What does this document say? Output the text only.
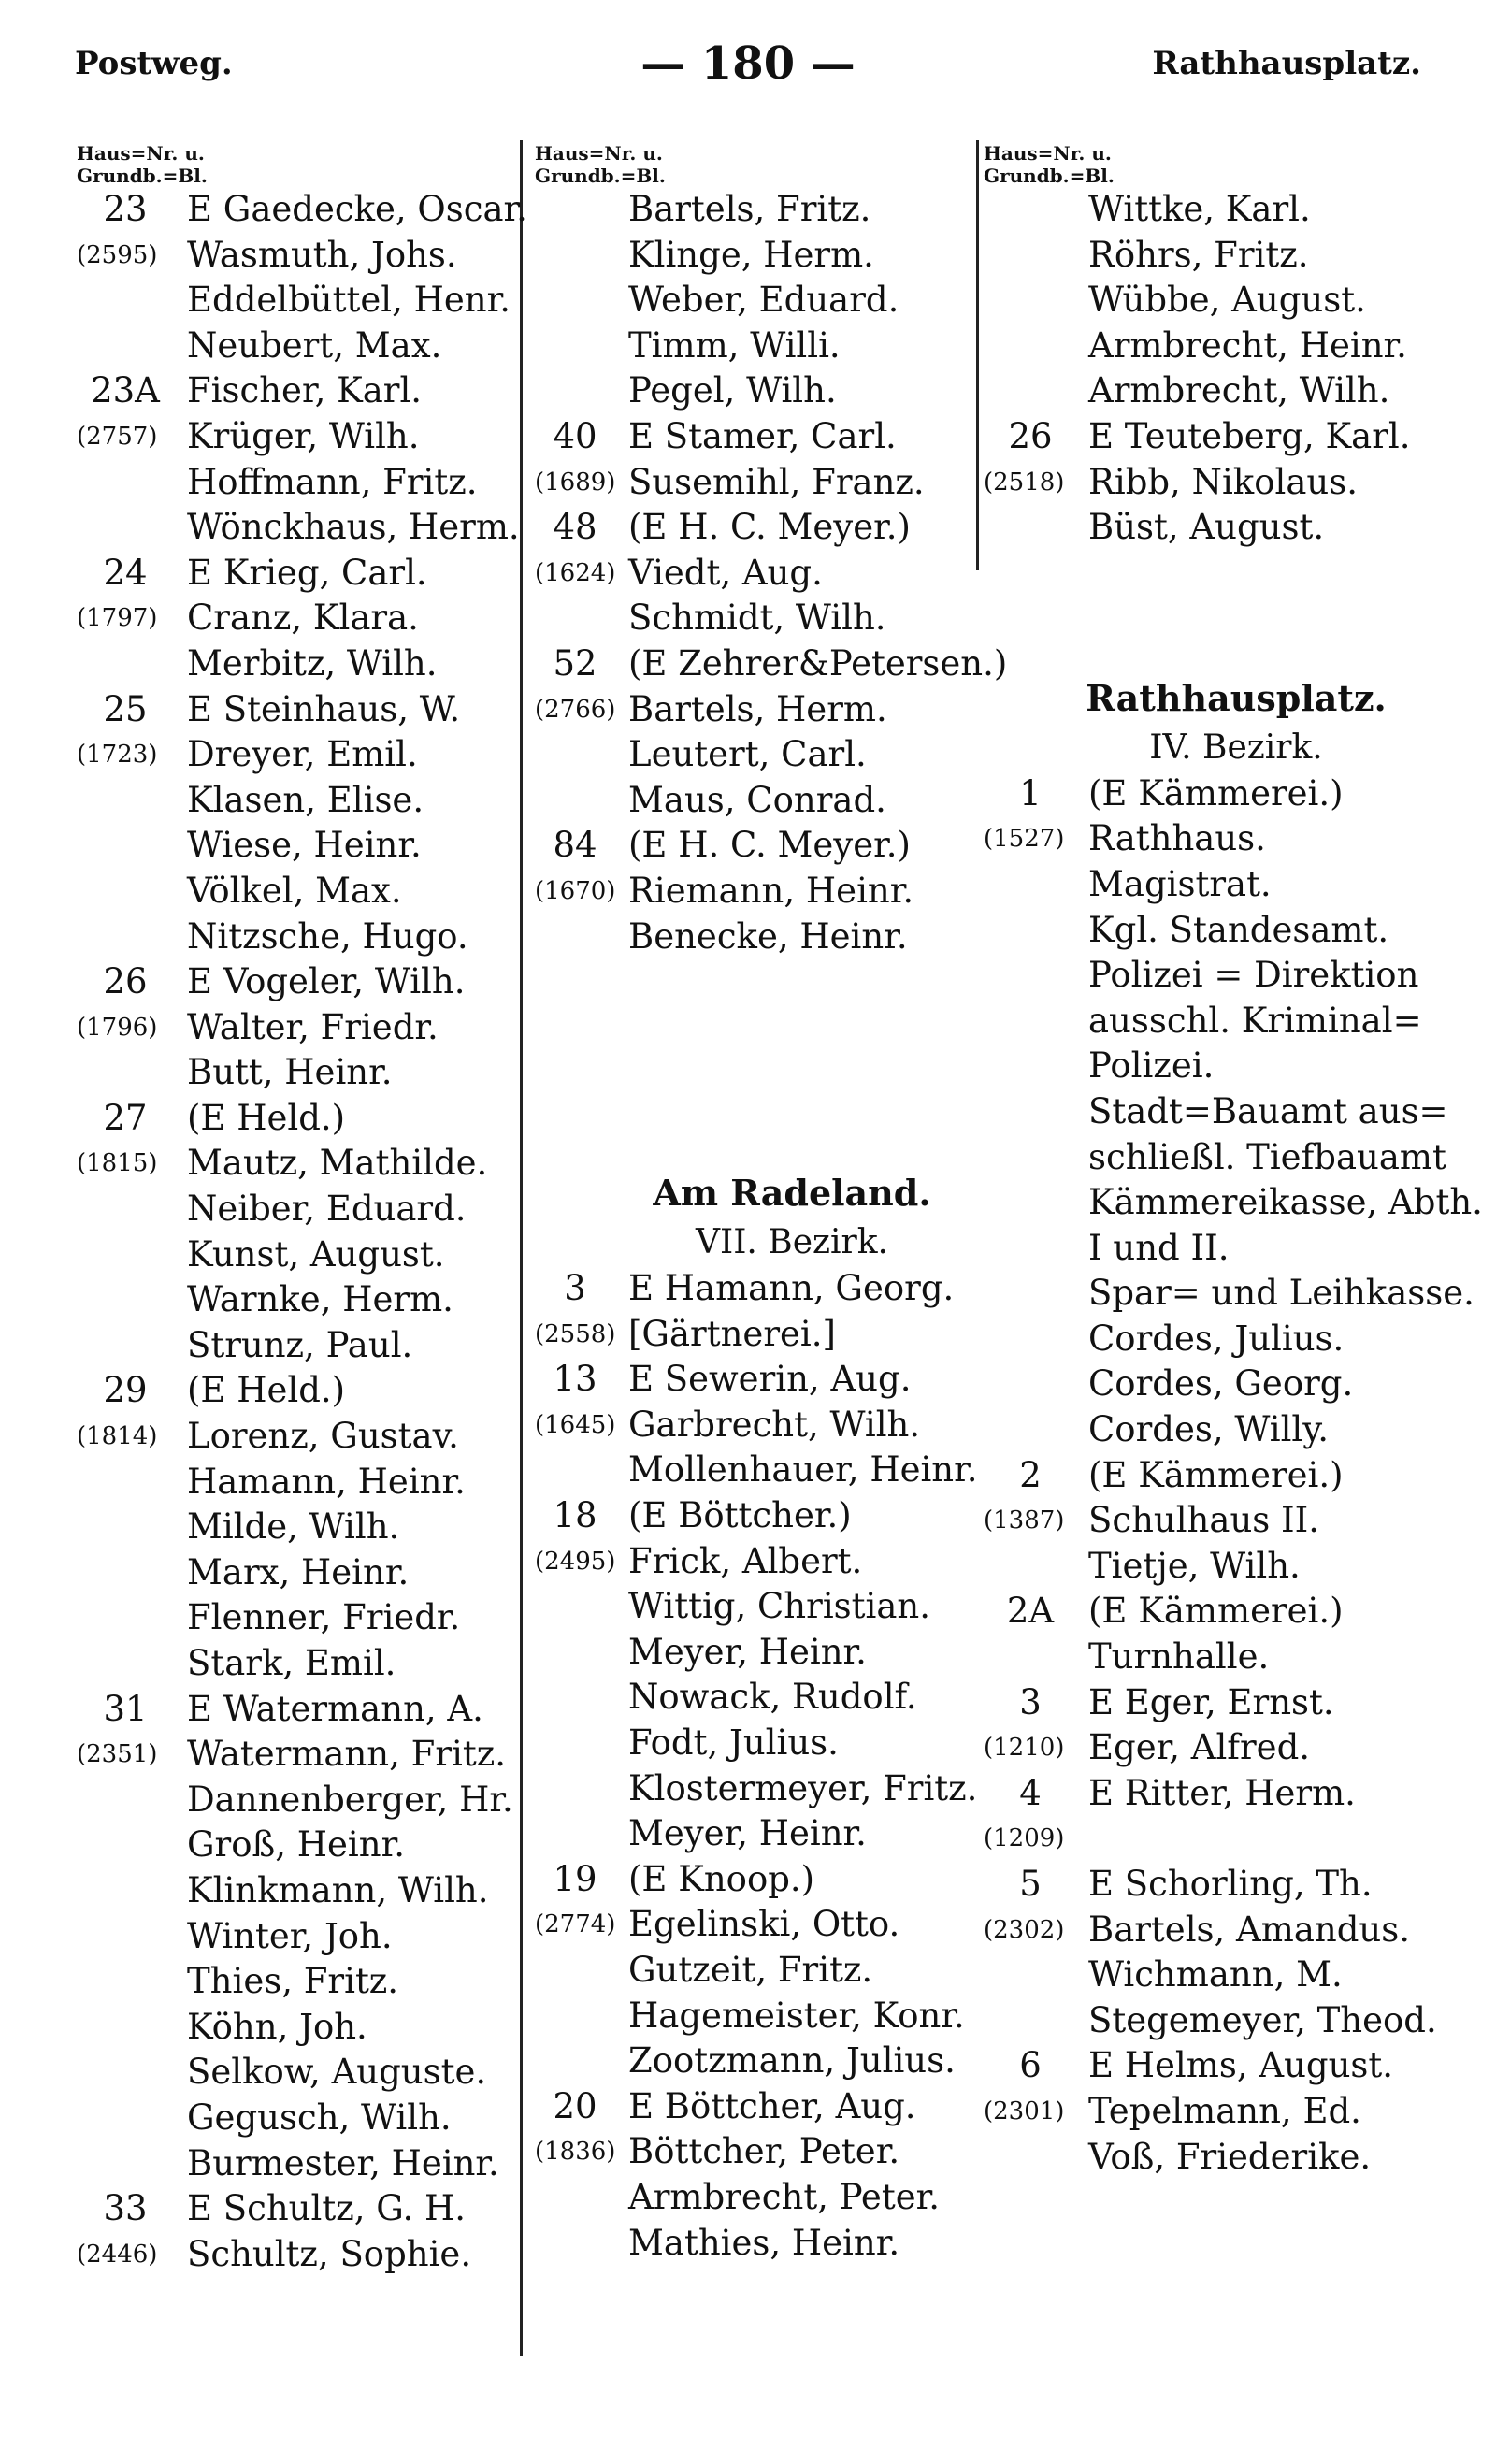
Postweg.	— 180 —	Rathhausplatz.
Haus=Nr. u.
Grundb.=Bl.
23	E Gaedecke, Oscar.
(2595) Wasmuth, Johs.
Eddelbüttel, Henr.
Neubert, Max.
23A Fischer, Karl.
(2757) Krüger, Wilh.
Hoffmann, Fritz.
Wönckhaus, Herm.
24	E Krieg, Carl.
(1797) Cranz, Klara.
Merbitz, Wilh.
25	E Steinhaus, W.
(1723) Dreyer, Emil.
Klasen, Elise.
Wiese, Heinr.
Völkel, Max.
Nitzsche, Hugo.
26	E Vogeler, Wilh.
(1796) Walter, Friedr.
Butt, Heinr.
27	(E Held.)
(1815) Mautz, Mathilde.
Neiber, Eduard.
Kunst, August.
Warnke, Herm.
Strunz, Paul.
29	(E Held.)
(1814) Lorenz, Gustav.
Hamann, Heinr.
Milde, Wilh.
Marx, Heinr.
Flenner, Friedr.
Stark, Emil.
31	E Watermann, A.
(2351) Watermann, Fritz.
Dannenberger, Hr.
Groß, Heinr.
Klinkmann, Wilh.
Winter, Joh.
Thies, Fritz.
Köhn, Joh.
Selkow, Auguste.
Gegusch, Wilh.
Burmester, Heinr.
33	E Schultz, G. H.
(2446) Schultz, Sophie.
Haus=Nr. u.
Grundb.=Bl.
Bartels, Fritz.
Klinge, Herm.
Weber, Eduard.
Timm, Willi.
Pegel, Wilh.
40 E Stamer, Carl.
(1689) Susemihl, Franz.
48 (E H. C. Meyer.)
(1624) Viedt, Aug.
Schmidt, Wilh.
52 (E Zehrer&Petersen.)
(2766) Bartels, Herm.
Leutert, Carl.
Maus, Conrad.
84 (E H. C. Meyer.)
(1670) Riemann, Heinr.
Benecke, Heinr.
Am Radeland.
VII. Bezirk.
3	E Hamann, Georg.
(2558) [Gärtnerei.]
13 E Sewerin, Aug.
(1645) Garbrecht, Wilh.
Mollenhauer, Heinr.
18 (E Böttcher.)
(2495) Frick, Albert.
Wittig, Christian.
Meyer, Heinr.
Nowack, Rudolf.
Fodt, Julius.
Klostermeyer, Fritz.
Meyer, Heinr.
19 (E Knoop.)
(2774) Egelinski, Otto.
Gutzeit, Fritz.
Hagemeister, Konr.
Zootzmann, Julius.
20 E Böttcher, Aug.
(1836) Böttcher, Peter.
Armbrecht, Peter.
Mathies, Heinr.
Haus=Nr. u.
Grundb.=Bl.
Wittke, Karl.
Röhrs, Fritz.
Wübbe, August.
Armbrecht, Heinr.
Armbrecht, Wilh.
26	E Teuteberg, Karl.
(2518) Ribb, Nikolaus.
Büst, August.
Rathhausplatz.
IV. Bezirk.
1	(E Kämmerei.)
(1527) Rathhaus.
Magistrat.
Kgl. Standesamt.
Polizei = Direktion
ausschl. Kriminal=
Polizei.
Stadt=Bauamt aus=
schließl. Tiefbauamt
Kämmereikasse, Abth.
I und II.
Spar= und Leihkasse.
Cordes, Julius.
Cordes, Georg.
Cordes, Willy.
2	(E Kämmerei.)
(1387) Schulhaus II.
Tietje, Wilh.
2A (E Kämmerei.)
Turnhalle.
3	E Eger, Ernst.
(1210) Eger, Alfred.
4	E Ritter, Herm.
(1209)
5	E Schorling, Th.
(2302) Bartels, Amandus.
Wichmann, M.
Stegemeyer, Theod.
6	E Helms, August.
(2301) Tepelmann, Ed.
Voß, Friederike.
